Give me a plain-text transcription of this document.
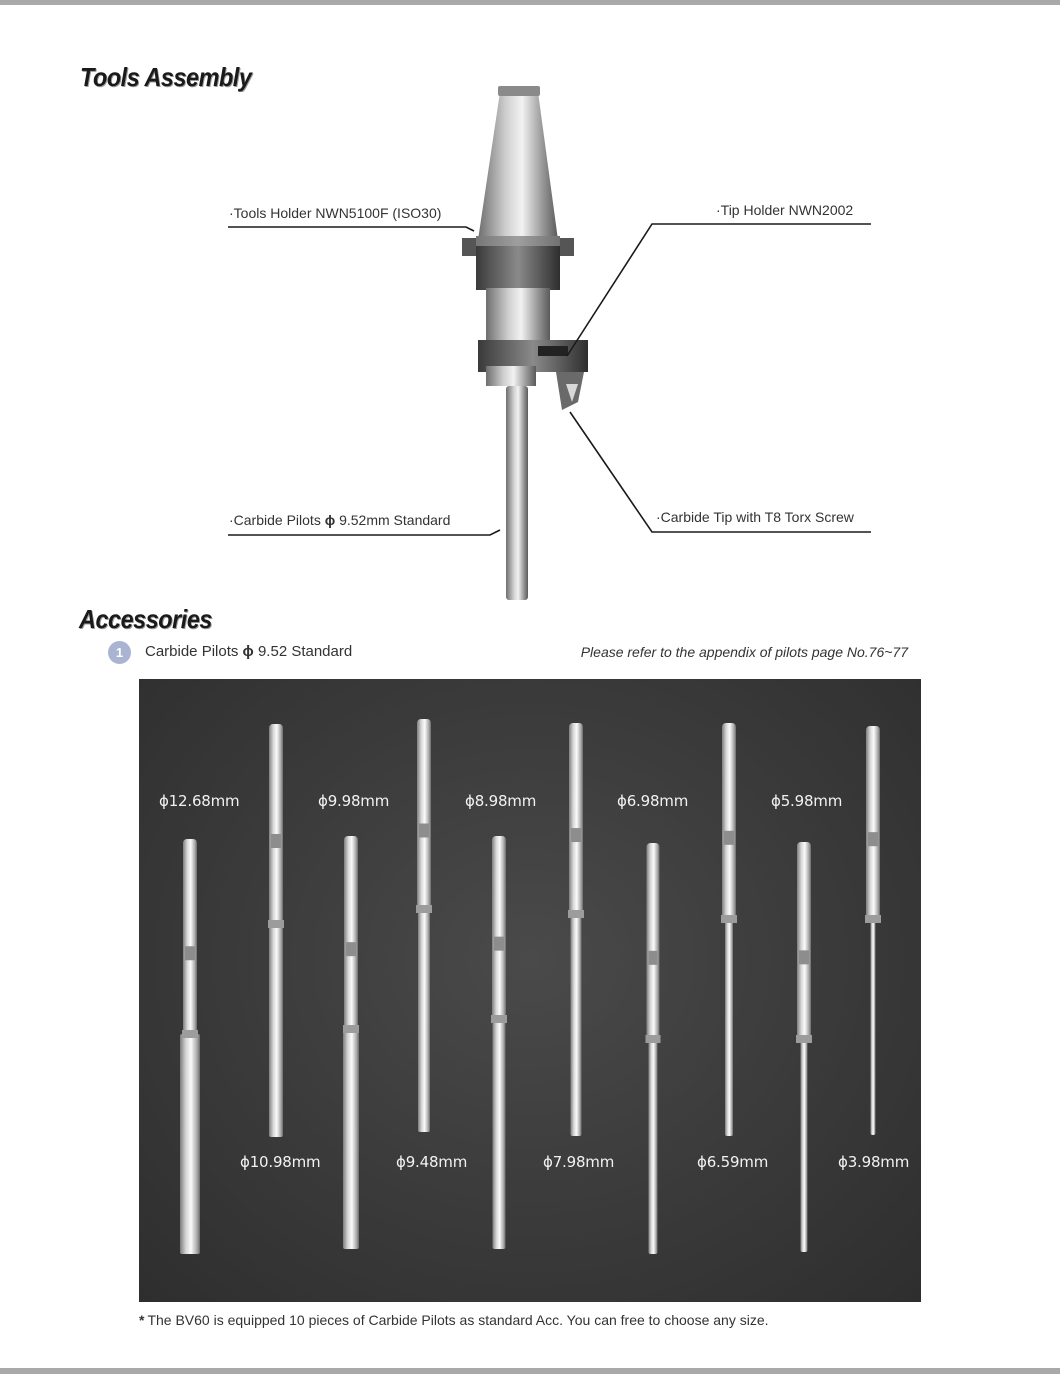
Tools Assembly
·Tools Holder NWN5100F (ISO30)	·Tip Holder NWN2002
·Carbide Pilots ϕ 9.52mm Standard	·Carbide Tip with T8 Torx Screw
Accessories
1	Carbide Pilots ϕ 9.52 Standard	Please refer to the appendix of pilots page No.76~77
ϕ12.68mm	ϕ9.98mm	ϕ8.98mm	ϕ6.98mm	ϕ5.98mm
ϕ10.98mm	ϕ9.48mm	ϕ7.98mm	ϕ6.59mm	ϕ3.98mm
* The BV60 is equipped 10 pieces of Carbide Pilots as standard Acc. You can free to choose any size.
